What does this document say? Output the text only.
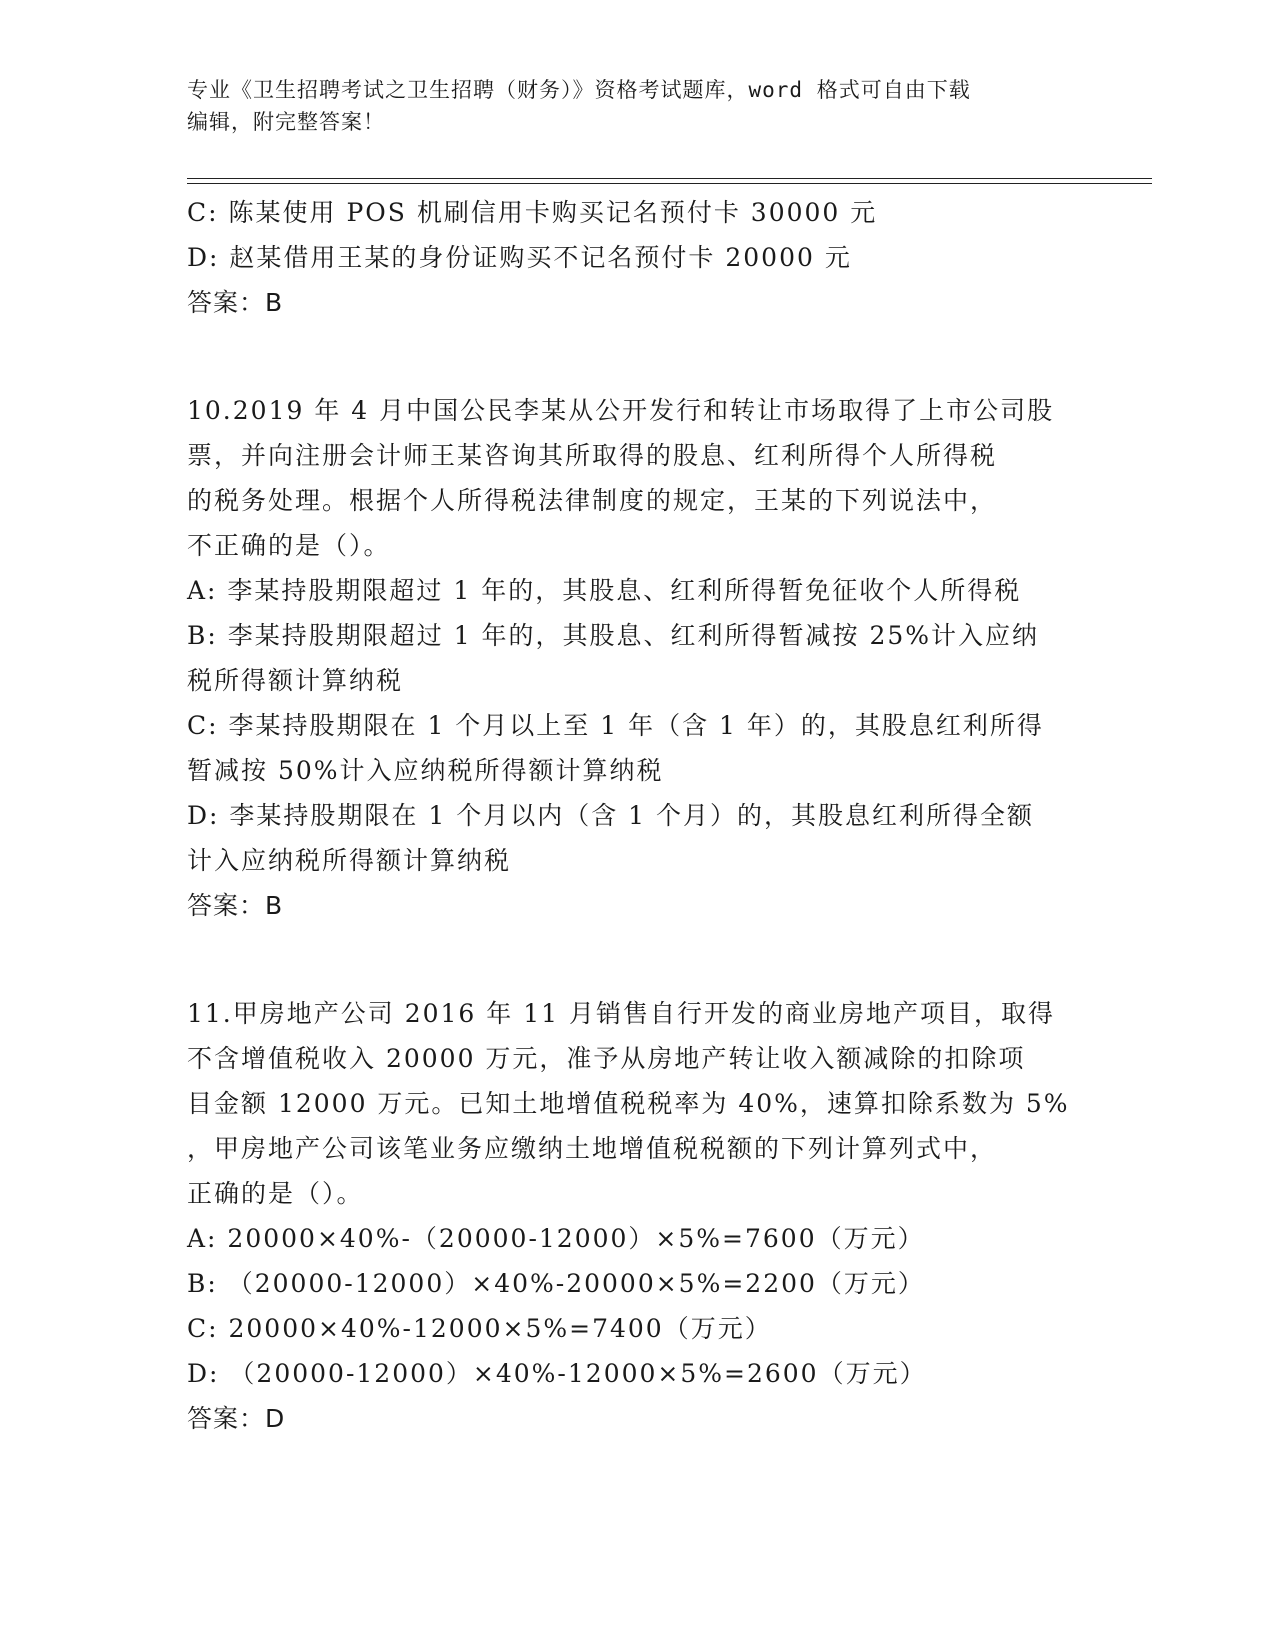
专业《卫生招聘考试之卫生招聘（财务）》资格考试题库，word 格式可自由下载

编辑，附完整答案！

C: 陈某使用 POS 机刷信用卡购买记名预付卡 30000 元
D: 赵某借用王某的身份证购买不记名预付卡 20000 元
答案：B
10.2019 年 4 月中国公民李某从公开发行和转让市场取得了上市公司股
票，并向注册会计师王某咨询其所取得的股息、红利所得个人所得税
的税务处理。根据个人所得税法律制度的规定，王某的下列说法中，
不正确的是（）。
A: 李某持股期限超过 1 年的，其股息、红利所得暂免征收个人所得税
B: 李某持股期限超过 1 年的，其股息、红利所得暂减按 25%计入应纳
税所得额计算纳税
C: 李某持股期限在 1 个月以上至 1 年（含 1 年）的，其股息红利所得
暂减按 50%计入应纳税所得额计算纳税
D: 李某持股期限在 1 个月以内（含 1 个月）的，其股息红利所得全额
计入应纳税所得额计算纳税
答案：B
11.甲房地产公司 2016 年 11 月销售自行开发的商业房地产项目，取得
不含增值税收入 20000 万元，准予从房地产转让收入额减除的扣除项
目金额 12000 万元。已知土地增值税税率为 40%，速算扣除系数为 5%
，甲房地产公司该笔业务应缴纳土地增值税税额的下列计算列式中，
正确的是（）。
A: 20000×40%-（20000-12000）×5%=7600（万元）
B: （20000-12000）×40%-20000×5%=2200（万元）
C: 20000×40%-12000×5%=7400（万元）
D: （20000-12000）×40%-12000×5%=2600（万元）
答案：D
